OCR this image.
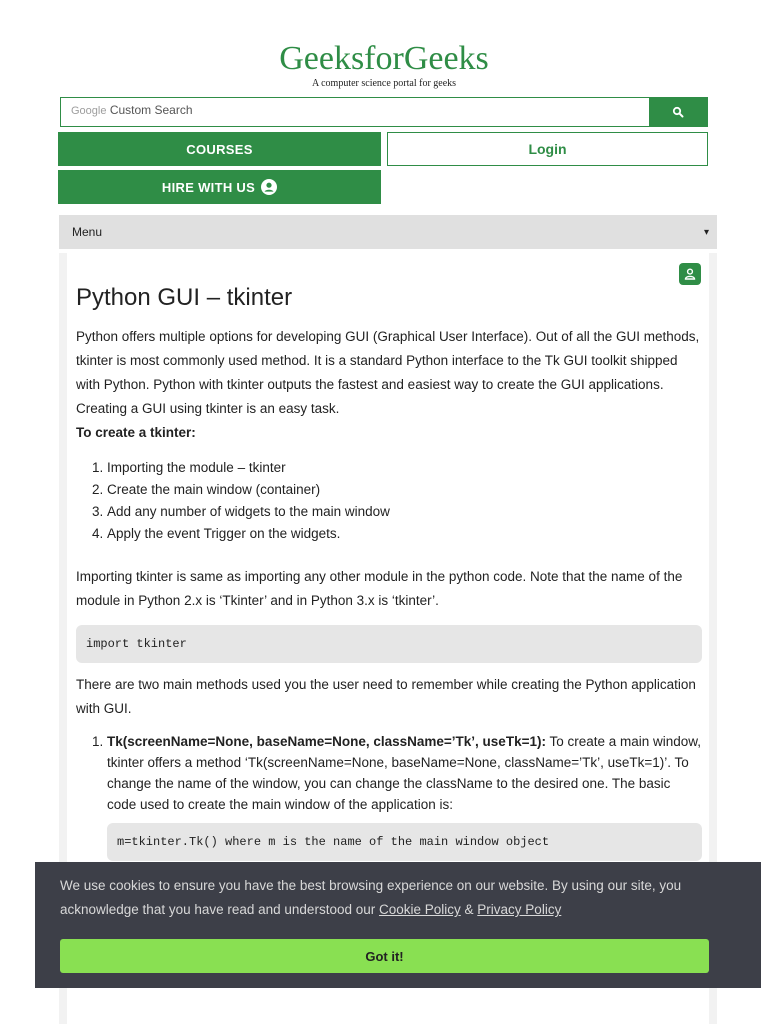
GeeksforGeeks
A computer science portal for geeks
Google Custom Search
COURSES	Login
HIRE WITH US
Menu	▾
Python GUI – tkinter

Python offers multiple options for developing GUI (Graphical User Interface). Out of all the GUI methods, tkinter is most commonly used method. It is a standard Python interface to the Tk GUI toolkit shipped with Python. Python with tkinter outputs the fastest and easiest way to create the GUI applications. Creating a GUI using tkinter is an easy task.

To create a tkinter:

1. Importing the module – tkinter
2. Create the main window (container)
3. Add any number of widgets to the main window
4. Apply the event Trigger on the widgets.

Importing tkinter is same as importing any other module in the python code. Note that the name of the module in Python 2.x is ‘Tkinter’ and in Python 3.x is ‘tkinter’.

import tkinter

There are two main methods used you the user need to remember while creating the Python application with GUI.

1. Tk(screenName=None, baseName=None, className=’Tk’, useTk=1): To create a main window, tkinter offers a method ‘Tk(screenName=None, baseName=None, className=’Tk’, useTk=1)’. To change the name of the window, you can change the className to the desired one. The basic code used to create the main window of the application is:
m=tkinter.Tk() where m is the name of the main window object
We use cookies to ensure you have the best browsing experience on our website. By using our site, you acknowledge that you have read and understood our Cookie Policy & Privacy Policy
Got it!
